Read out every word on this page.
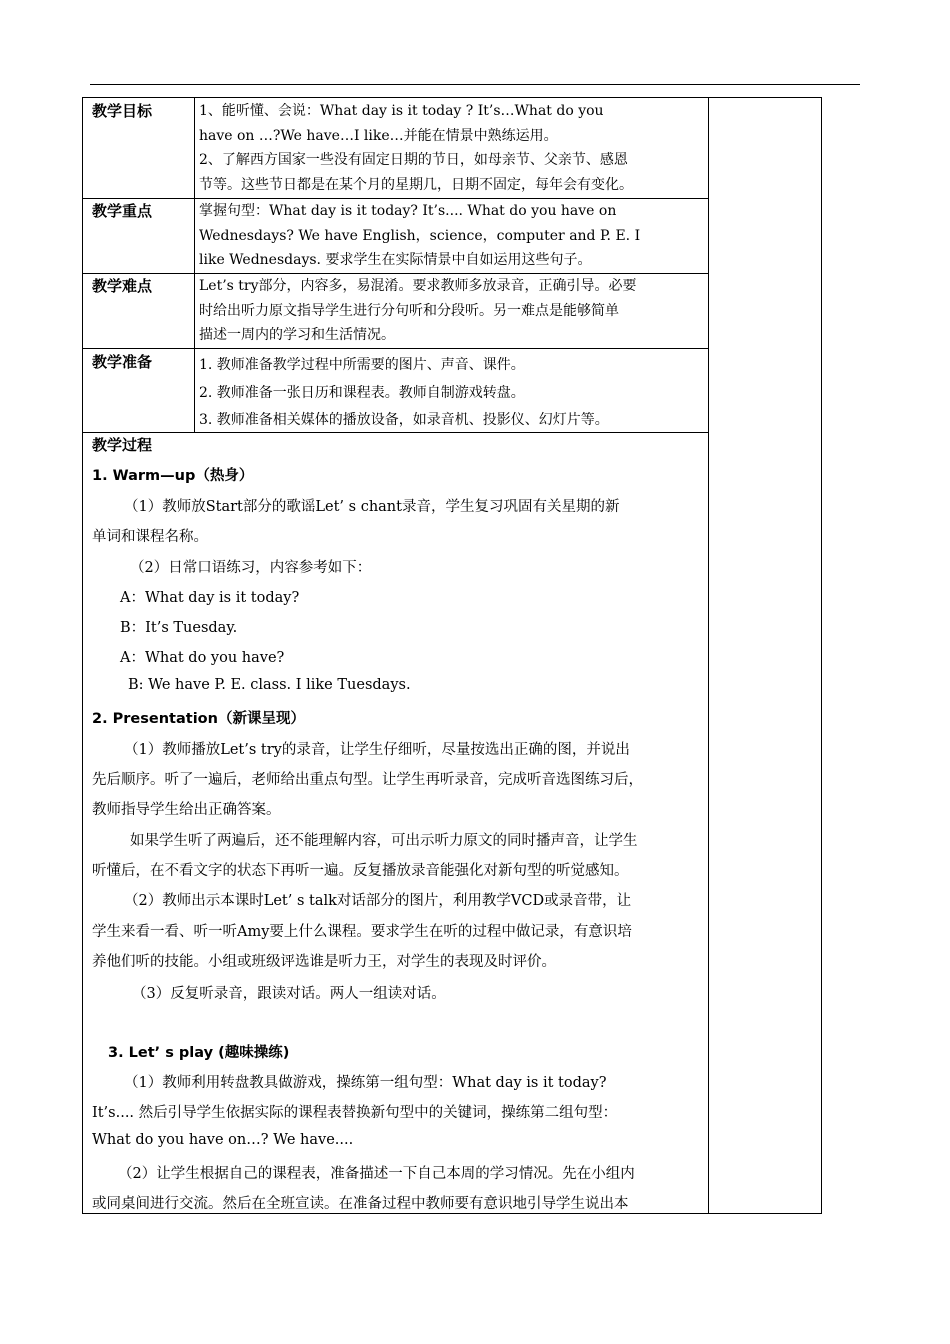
教学目标	1、能听懂、会说：What day is it today ? It’s…What do you
have on …?We have…I like…并能在情景中熟练运用。
2、了解西方国家一些没有固定日期的节日，如母亲节、父亲节、感恩
节等。这些节日都是在某个月的星期几，日期不固定，每年会有变化。
教学重点	掌握句型：What day is it today? It’s.... What do you have on
Wednesdays? We have English，science，computer and P. E. I
like Wednesdays. 要求学生在实际情景中自如运用这些句子。
教学难点	Let’s try部分，内容多，易混淆。要求教师多放录音，正确引导。必要
时给出听力原文指导学生进行分句听和分段听。另一难点是能够简单
描述一周内的学习和生活情况。
教学准备	1. 教师准备教学过程中所需要的图片、声音、课件。
2. 教师准备一张日历和课程表。教师自制游戏转盘。
3. 教师准备相关媒体的播放设备，如录音机、投影仪、幻灯片等。
教学过程
1. Warm—up（热身）
（1）教师放Start部分的歌谣Let’ s chant录音，学生复习巩固有关星期的新
单词和课程名称。
（2）日常口语练习，内容参考如下：
A：What day is it today?
B：It’s Tuesday.
A：What do you have?
B: We have P. E. class. I like Tuesdays.
2. Presentation（新课呈现）
（1）教师播放Let’s try的录音，让学生仔细听，尽量按选出正确的图，并说出
先后顺序。听了一遍后，老师给出重点句型。让学生再听录音，完成听音选图练习后，
教师指导学生给出正确答案。
如果学生听了两遍后，还不能理解内容，可出示听力原文的同时播声音，让学生
听懂后，在不看文字的状态下再听一遍。反复播放录音能强化对新句型的听觉感知。
（2）教师出示本课时Let’ s talk对话部分的图片，利用教学VCD或录音带，让
学生来看一看、听一听Amy要上什么课程。要求学生在听的过程中做记录，有意识培
养他们听的技能。小组或班级评选谁是听力王，对学生的表现及时评价。
（3）反复听录音，跟读对话。两人一组读对话。
3. Let’ s play (趣味操练)
（1）教师利用转盘教具做游戏，操练第一组句型：What day is it today?
It’s.... 然后引导学生依据实际的课程表替换新句型中的关键词，操练第二组句型：
What do you have on…? We have....
（2）让学生根据自己的课程表，准备描述一下自己本周的学习情况。先在小组内
或同桌间进行交流。然后在全班宣读。在准备过程中教师要有意识地引导学生说出本
